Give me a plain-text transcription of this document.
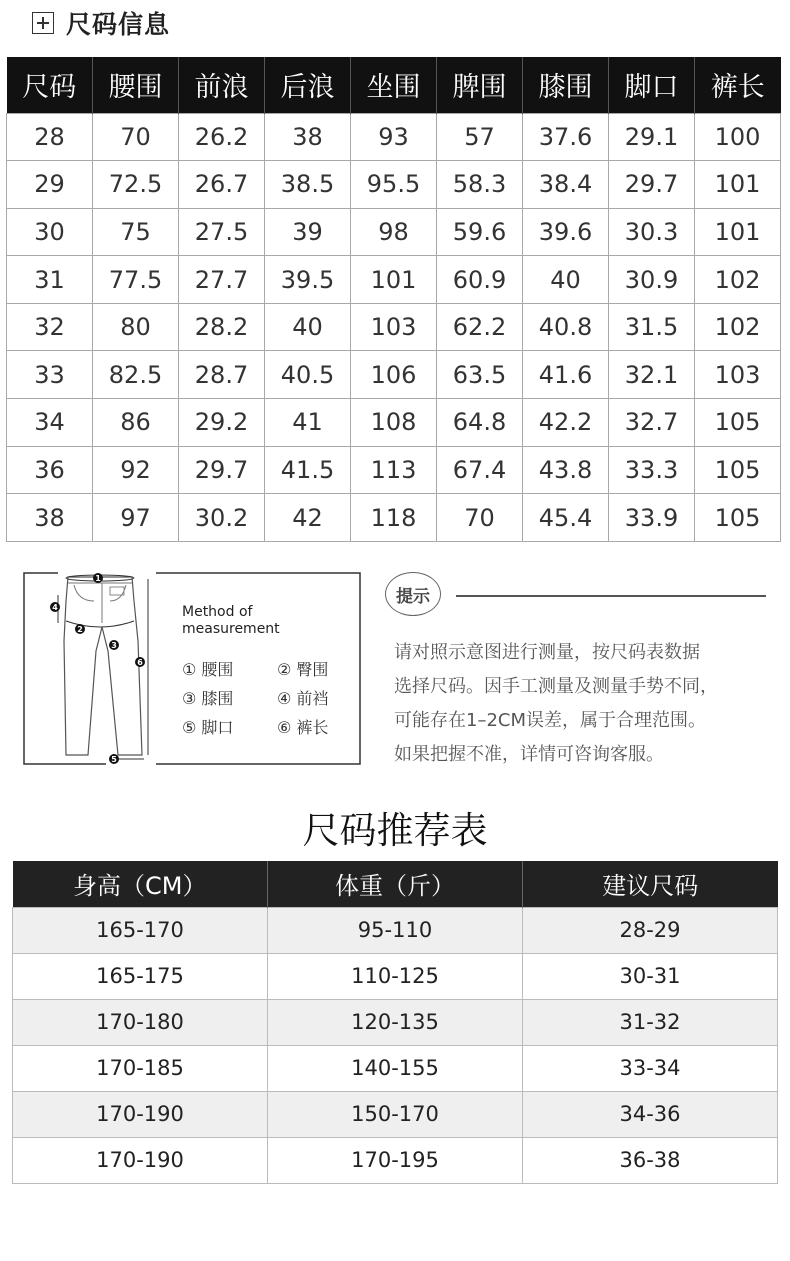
尺码信息
尺码	腰围	前浪	后浪	坐围	脾围	膝围	脚口	裤长
28	70	26.2	38	93	57	37.6	29.1	100
29	72.5	26.7	38.5	95.5	58.3	38.4	29.7	101
30	75	27.5	39	98	59.6	39.6	30.3	101
31	77.5	27.7	39.5	101	60.9	40	30.9	102
32	80	28.2	40	103	62.2	40.8	31.5	102
33	82.5	28.7	40.5	106	63.5	41.6	32.1	103
34	86	29.2	41	108	64.8	42.2	32.7	105
36	92	29.7	41.5	113	67.4	43.8	33.3	105
38	97	30.2	42	118	70	45.4	33.9	105
1
2
3
4
5
6
Method of
measurement
① 腰围	② 臀围
③ 膝围	④ 前裆
⑤ 脚口	⑥ 裤长
提示
请对照示意图进行测量，按尺码表数据
选择尺码。因手工测量及测量手势不同，
可能存在1–2CM误差，属于合理范围。
如果把握不准，详情可咨询客服。
尺码推荐表
身高（CM）	体重（斤）	建议尺码
165-170	95-110	28-29
165-175	110-125	30-31
170-180	120-135	31-32
170-185	140-155	33-34
170-190	150-170	34-36
170-190	170-195	36-38
